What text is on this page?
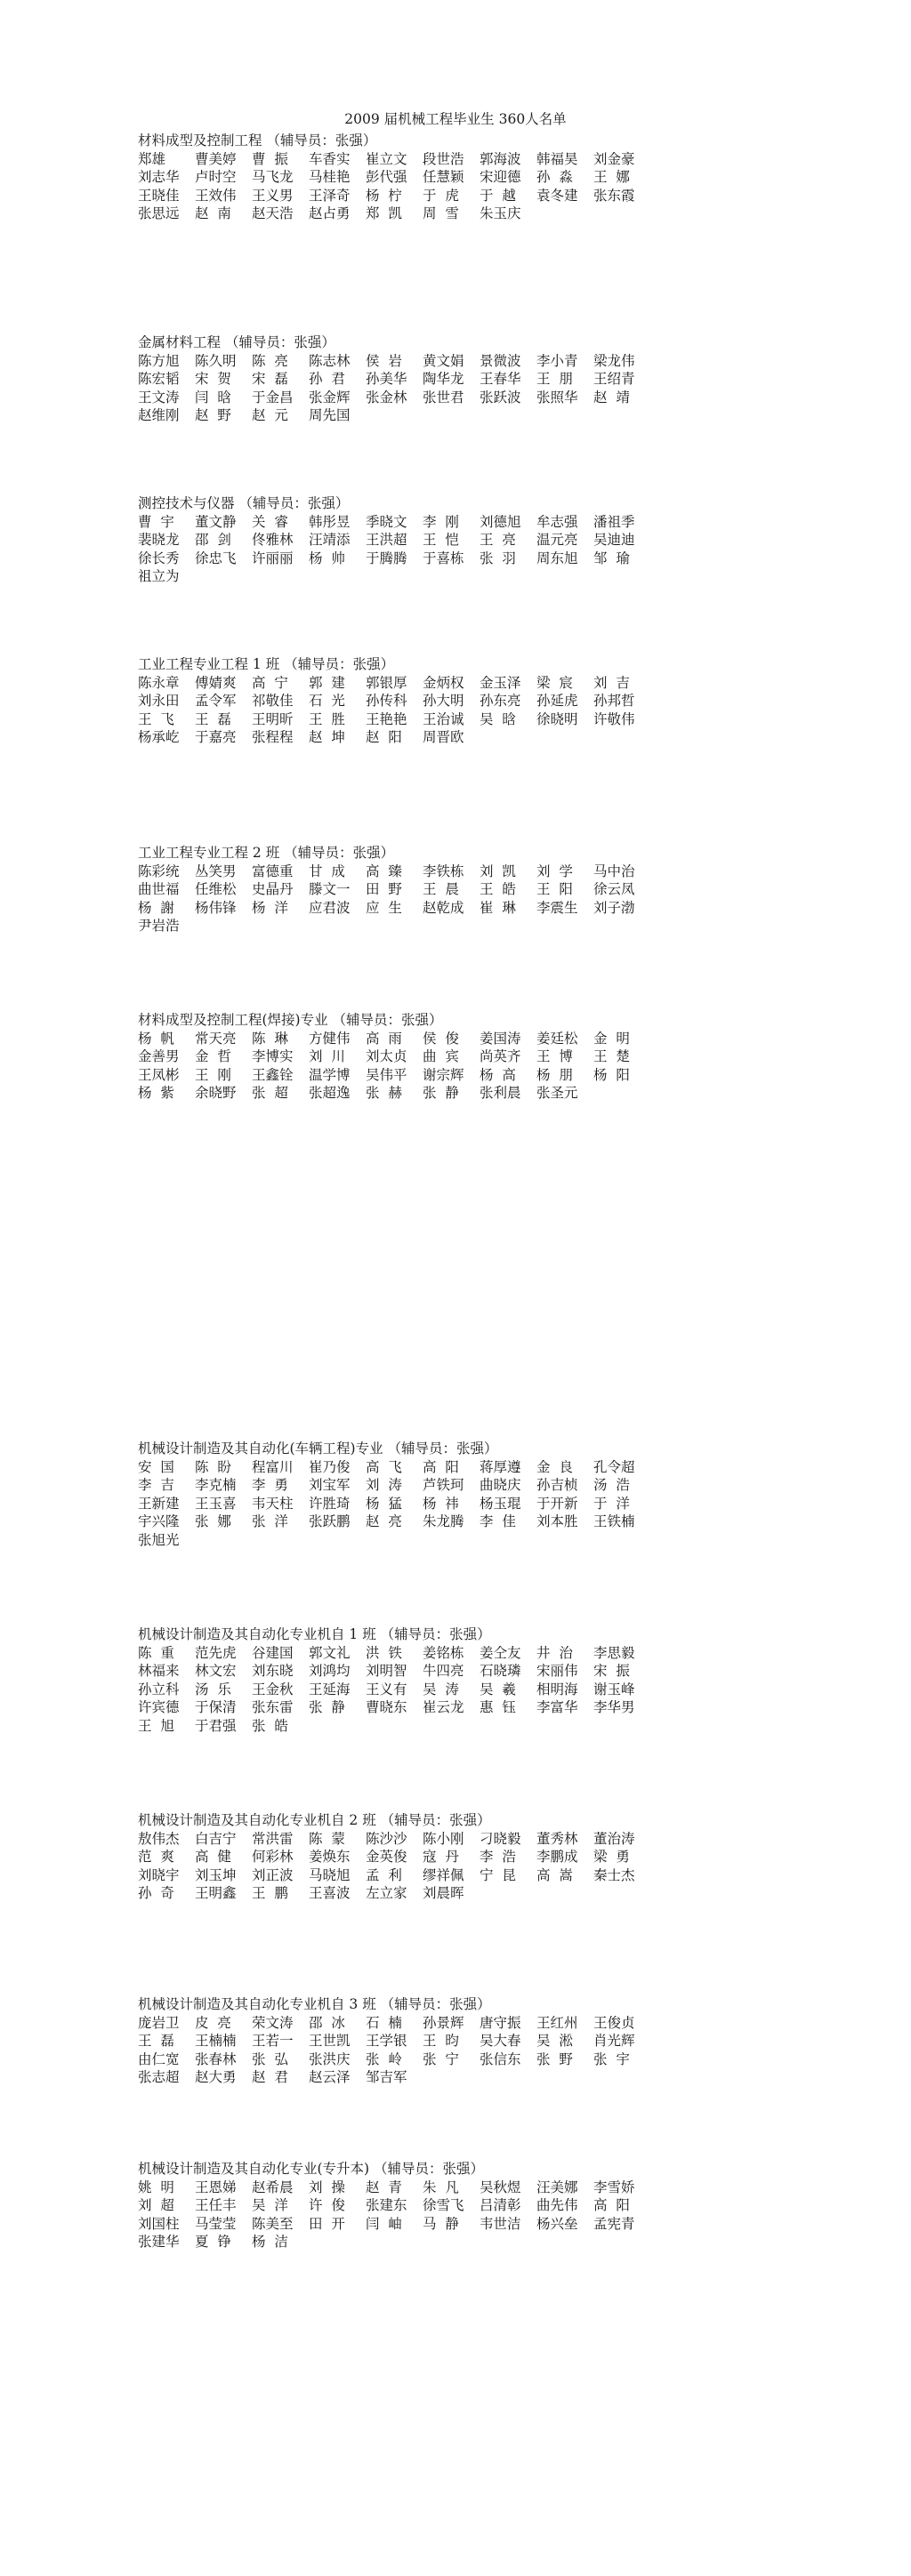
2009 届机械工程毕业生 360人名单
材料成型及控制工程 （辅导员：张强）
郑雄	曹美婷	曹  振	车香实	崔立文	段世浩	郭海波	韩福昊	刘金豪
刘志华	卢时空	马飞龙	马桂艳	彭代强	任慧颖	宋迎德	孙  淼	王  娜
王晓佳	王效伟	王义男	王泽奇	杨  柠	于  虎	于  越	袁冬建	张东霞
张思远	赵  南	赵天浩	赵占勇	郑  凯	周  雪	朱玉庆
金属材料工程 （辅导员：张强）
陈方旭	陈久明	陈  亮	陈志林	侯  岩	黄文娟	景微波	李小青	梁龙伟
陈宏韬	宋  贺	宋  磊	孙  君	孙美华	陶华龙	王春华	王  朋	王绍青
王文涛	闫  晗	于金昌	张金辉	张金林	张世君	张跃波	张照华	赵  靖
赵维刚	赵  野	赵  元	周先国
测控技术与仪器 （辅导员：张强）
曹  宇	董文静	关  睿	韩彤昱	季晓文	李  刚	刘德旭	牟志强	潘祖季
裴晓龙	邵  剑	佟雅林	汪靖添	王洪超	王  恺	王  亮	温元亮	吴迪迪
徐长秀	徐忠飞	许丽丽	杨  帅	于腾腾	于喜栋	张  羽	周东旭	邹  瑜
祖立为
工业工程专业工程 1 班 （辅导员：张强）
陈永章	傅婧爽	高  宁	郭  建	郭银厚	金炳权	金玉泽	梁  宸	刘  吉
刘永田	孟令军	祁敬佳	石  光	孙传科	孙大明	孙东亮	孙延虎	孙邦哲
王  飞	王  磊	王明昕	王  胜	王艳艳	王治诚	吴  晗	徐晓明	许敬伟
杨承屹	于嘉亮	张程程	赵  坤	赵  阳	周晋欧
工业工程专业工程 2 班 （辅导员：张强）
陈彩统	丛笑男	富德重	甘  成	高  臻	李铁栋	刘  凯	刘  学	马中治
曲世福	任维松	史晶丹	滕文一	田  野	王  晨	王  皓	王  阳	徐云凤
杨  謝	杨伟锋	杨  洋	应君波	应  生	赵乾成	崔  琳	李震生	刘子渤
尹岩浩
材料成型及控制工程(焊接)专业 （辅导员：张强）
杨  帆	常天亮	陈  琳	方健伟	高  雨	侯  俊	姜国涛	姜廷松	金  明
金善男	金  哲	李博实	刘  川	刘太贞	曲  宾	尚英齐	王  博	王  楚
王凤彬	王  刚	王鑫铨	温学博	吴伟平	谢宗辉	杨  高	杨  朋	杨  阳
杨  紫	余晓野	张  超	张超逸	张  赫	张  静	张利晨	张圣元
机械设计制造及其自动化(车辆工程)专业 （辅导员：张强）
安  国	陈  盼	程富川	崔乃俊	高  飞	高  阳	蒋厚遵	金  良	孔令超
李  吉	李克楠	李  勇	刘宝军	刘  涛	芦铁珂	曲晓庆	孙吉桢	汤  浩
王新建	王玉喜	韦天柱	许胜琦	杨  猛	杨  祎	杨玉琨	于开新	于  洋
宇兴隆	张  娜	张  洋	张跃鹏	赵  亮	朱龙腾	李  佳	刘本胜	王铁楠
张旭光
机械设计制造及其自动化专业机自 1 班 （辅导员：张强）
陈  重	范先虎	谷建国	郭文礼	洪  铁	姜铭栋	姜仝友	井  治	李思毅
林福来	林文宏	刘东晓	刘鸿均	刘明智	牛四亮	石晓璘	宋丽伟	宋  振
孙立科	汤  乐	王金秋	王延海	王义有	吴  涛	吴  羲	相明海	谢玉峰
许宾德	于保清	张东雷	张  静	曹晓东	崔云龙	惠  钰	李富华	李华男
王  旭	于君强	张  皓
机械设计制造及其自动化专业机自 2 班 （辅导员：张强）
敖伟杰	白吉宁	常洪雷	陈  蒙	陈沙沙	陈小刚	刁晓毅	董秀林	董治涛
范  爽	高  健	何彩林	姜焕东	金英俊	寇  丹	李  浩	李鹏成	梁  勇
刘晓宇	刘玉坤	刘正波	马晓旭	孟  利	缪祥佩	宁  昆	高  嵩	秦士杰
孙  奇	王明鑫	王  鹏	王喜波	左立家	刘晨晖
机械设计制造及其自动化专业机自 3 班 （辅导员：张强）
庞岩卫	皮  亮	荣文涛	邵  冰	石  楠	孙景辉	唐守振	王红州	王俊贞
王  磊	王楠楠	王若一	王世凯	王学银	王  昀	吴大春	吴  淞	肖光辉
由仁宽	张春林	张  弘	张洪庆	张  岭	张  宁	张信东	张  野	张  宇
张志超	赵大勇	赵  君	赵云泽	邹吉军
机械设计制造及其自动化专业(专升本) （辅导员：张强）
姚  明	王恩娣	赵希晨	刘  操	赵  青	朱  凡	吴秋煜	汪美娜	李雪娇
刘  超	王任丰	吴  洋	许  俊	张建东	徐雪飞	吕清彰	曲先伟	高  阳
刘国柱	马莹莹	陈美至	田  开	闫  岫	马  静	韦世洁	杨兴垒	孟宪青
张建华	夏  铮	杨  洁
